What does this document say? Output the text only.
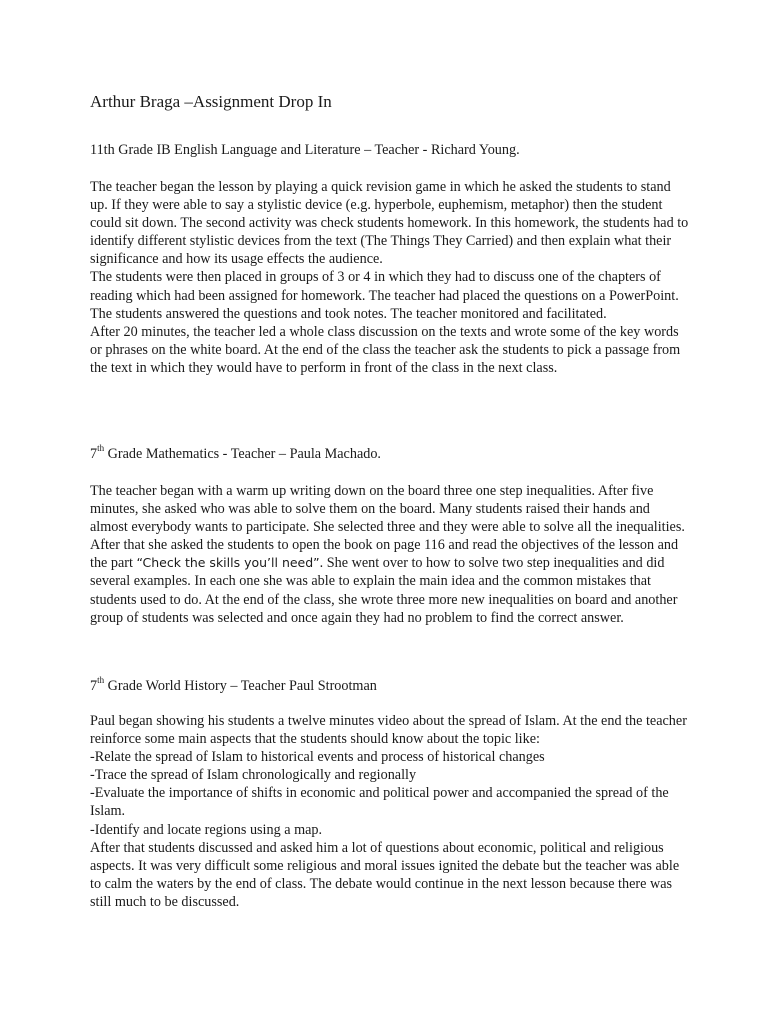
Arthur Braga –Assignment Drop In
11th Grade IB English Language and Literature – Teacher - Richard Young.

The teacher began the lesson by playing a quick revision game in which he asked the students to stand up. If they were able to say a stylistic device (e.g. hyperbole, euphemism, metaphor) then the student could sit down. The second activity was check students homework. In this homework, the students had to identify different stylistic devices from the text (The Things They Carried) and then explain what their significance and how its usage effects the audience.

The students were then placed in groups of 3 or 4 in which they had to discuss one of the chapters of reading which had been assigned for homework. The teacher had placed the questions on a PowerPoint. The students answered the questions and took notes. The teacher monitored and facilitated.

After 20 minutes, the teacher led a whole class discussion on the texts and wrote some of the key words or phrases on the white board. At the end of the class the teacher ask the students to pick a passage from the text in which they would have to perform in front of the class in the next class.

7th Grade Mathematics - Teacher – Paula Machado.

The teacher began with a warm up writing down on the board three one step inequalities. After five minutes, she asked who was able to solve them on the board. Many students raised their hands and almost everybody wants to participate. She selected three and they were able to solve all the inequalities. After that she asked the students to open the book on page 116 and read the objectives of the lesson and the part “Check the skills you’ll need”. She went over to how to solve two step inequalities and did several examples. In each one she was able to explain the main idea and the common mistakes that students used to do. At the end of the class, she wrote three more new inequalities on board and another group of students was selected and once again they had no problem to find the correct answer.

7th Grade World History – Teacher Paul Strootman

Paul began showing his students a twelve minutes video about the spread of Islam. At the end the teacher reinforce some main aspects that the students should know about the topic like:

-Relate the spread of Islam to historical events and process of historical changes

-Trace the spread of Islam chronologically and regionally

-Evaluate the importance of shifts in economic and political power and accompanied the spread of the Islam.

-Identify and locate regions using a map.

After that students discussed and asked him a lot of questions about economic, political and religious aspects. It was very difficult some religious and moral issues ignited the debate but the teacher was able to calm the waters by the end of class. The debate would continue in the next lesson because there was still much to be discussed.
